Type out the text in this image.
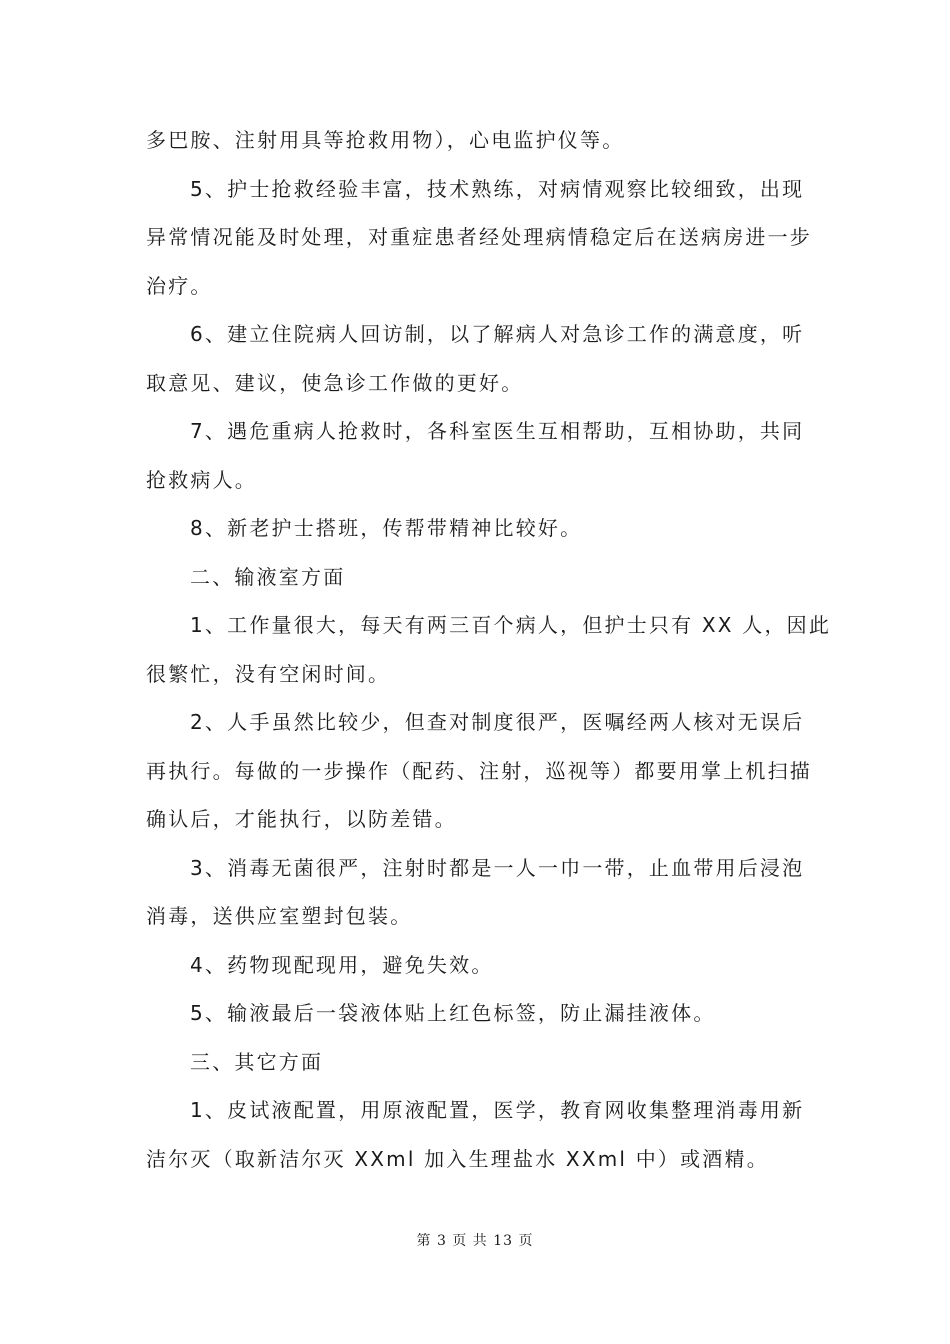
多巴胺、注射用具等抢救用物），心电监护仪等。
5、护士抢救经验丰富，技术熟练，对病情观察比较细致，出现
异常情况能及时处理，对重症患者经处理病情稳定后在送病房进一步
治疗。
6、建立住院病人回访制，以了解病人对急诊工作的满意度，听
取意见、建议，使急诊工作做的更好。
7、遇危重病人抢救时，各科室医生互相帮助，互相协助，共同
抢救病人。
8、新老护士搭班，传帮带精神比较好。
二、输液室方面
1、工作量很大，每天有两三百个病人，但护士只有 XX 人，因此
很繁忙，没有空闲时间。
2、人手虽然比较少，但查对制度很严，医嘱经两人核对无误后
再执行。每做的一步操作（配药、注射，巡视等）都要用掌上机扫描
确认后，才能执行，以防差错。
3、消毒无菌很严，注射时都是一人一巾一带，止血带用后浸泡
消毒，送供应室塑封包装。
4、药物现配现用，避免失效。
5、输液最后一袋液体贴上红色标签，防止漏挂液体。
三、其它方面
1、皮试液配置，用原液配置，医学，教育网收集整理消毒用新
洁尔灭（取新洁尔灭 XXml 加入生理盐水 XXml 中）或酒精。
第 3 页 共 13 页
